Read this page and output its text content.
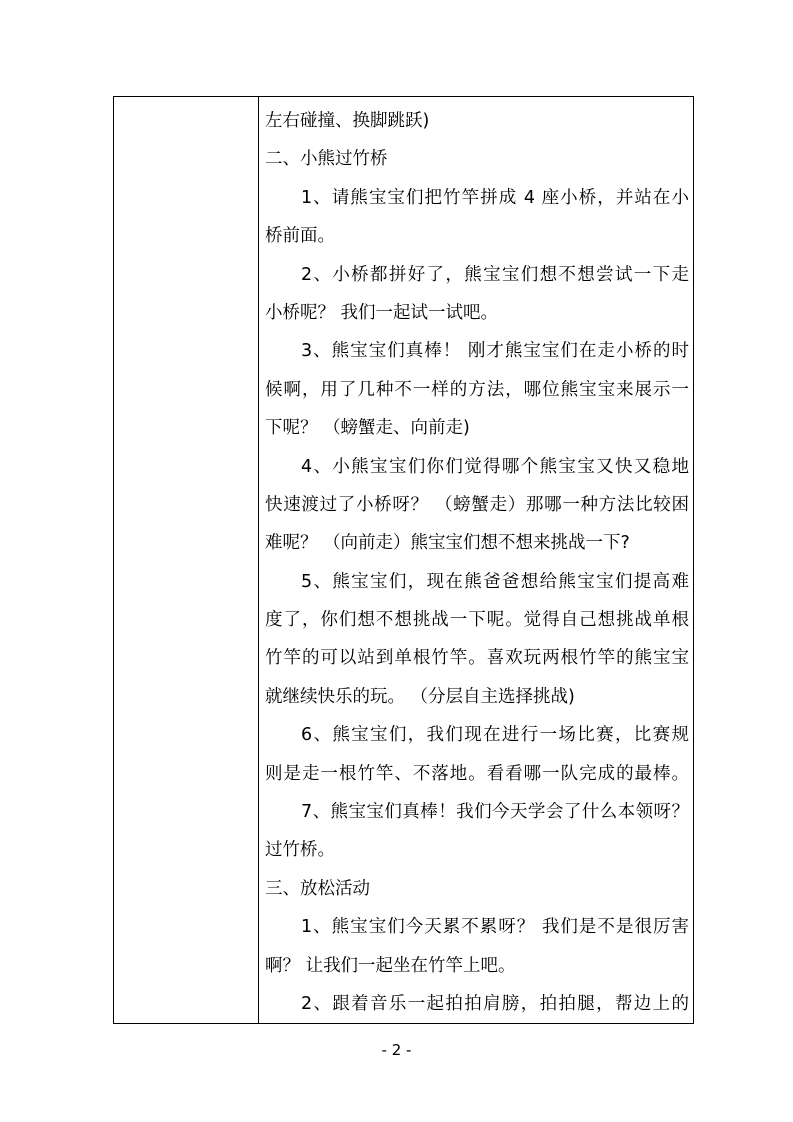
左右碰撞、换脚跳跃)
二、小熊过竹桥
1、请熊宝宝们把竹竿拼成 4 座小桥，并站在小
桥前面。
2、小桥都拼好了，熊宝宝们想不想尝试一下走
小桥呢？ 我们一起试一试吧。
3、熊宝宝们真棒！ 刚才熊宝宝们在走小桥的时
候啊，用了几种不一样的方法，哪位熊宝宝来展示一
下呢？ （螃蟹走、向前走)
4、小熊宝宝们你们觉得哪个熊宝宝又快又稳地
快速渡过了小桥呀？ （螃蟹走）那哪一种方法比较困
难呢？ （向前走）熊宝宝们想不想来挑战一下?
5、熊宝宝们，现在熊爸爸想给熊宝宝们提高难
度了，你们想不想挑战一下呢。觉得自己想挑战单根
竹竿的可以站到单根竹竿。喜欢玩两根竹竿的熊宝宝
就继续快乐的玩。 （分层自主选择挑战)
6、熊宝宝们，我们现在进行一场比赛，比赛规
则是走一根竹竿、不落地。看看哪一队完成的最棒。
7、熊宝宝们真棒！我们今天学会了什么本领呀？
过竹桥。
三、放松活动
1、熊宝宝们今天累不累呀？ 我们是不是很厉害
啊？ 让我们一起坐在竹竿上吧。
2、跟着音乐一起拍拍肩膀，拍拍腿，帮边上的
- 2 -
